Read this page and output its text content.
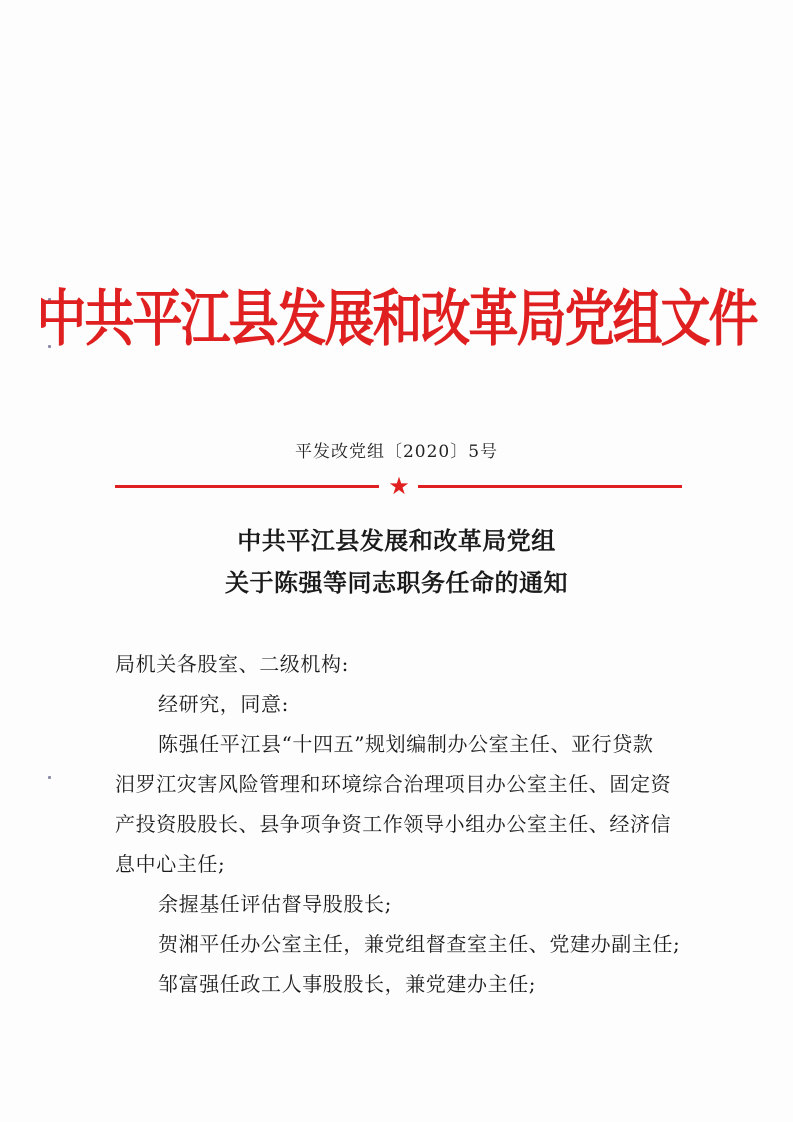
中共平江县发展和改革局党组文件
平发改党组〔2020〕5号
★
中共平江县发展和改革局党组
关于陈强等同志职务任命的通知
局机关各股室、二级机构:
经研究，同意:
陈强任平江县“十四五”规划编制办公室主任、亚行贷款
汨罗江灾害风险管理和环境综合治理项目办公室主任、固定资
产投资股股长、县争项争资工作领导小组办公室主任、经济信
息中心主任;
余握基任评估督导股股长;
贺湘平任办公室主任，兼党组督查室主任、党建办副主任;
邹富强任政工人事股股长，兼党建办主任;
